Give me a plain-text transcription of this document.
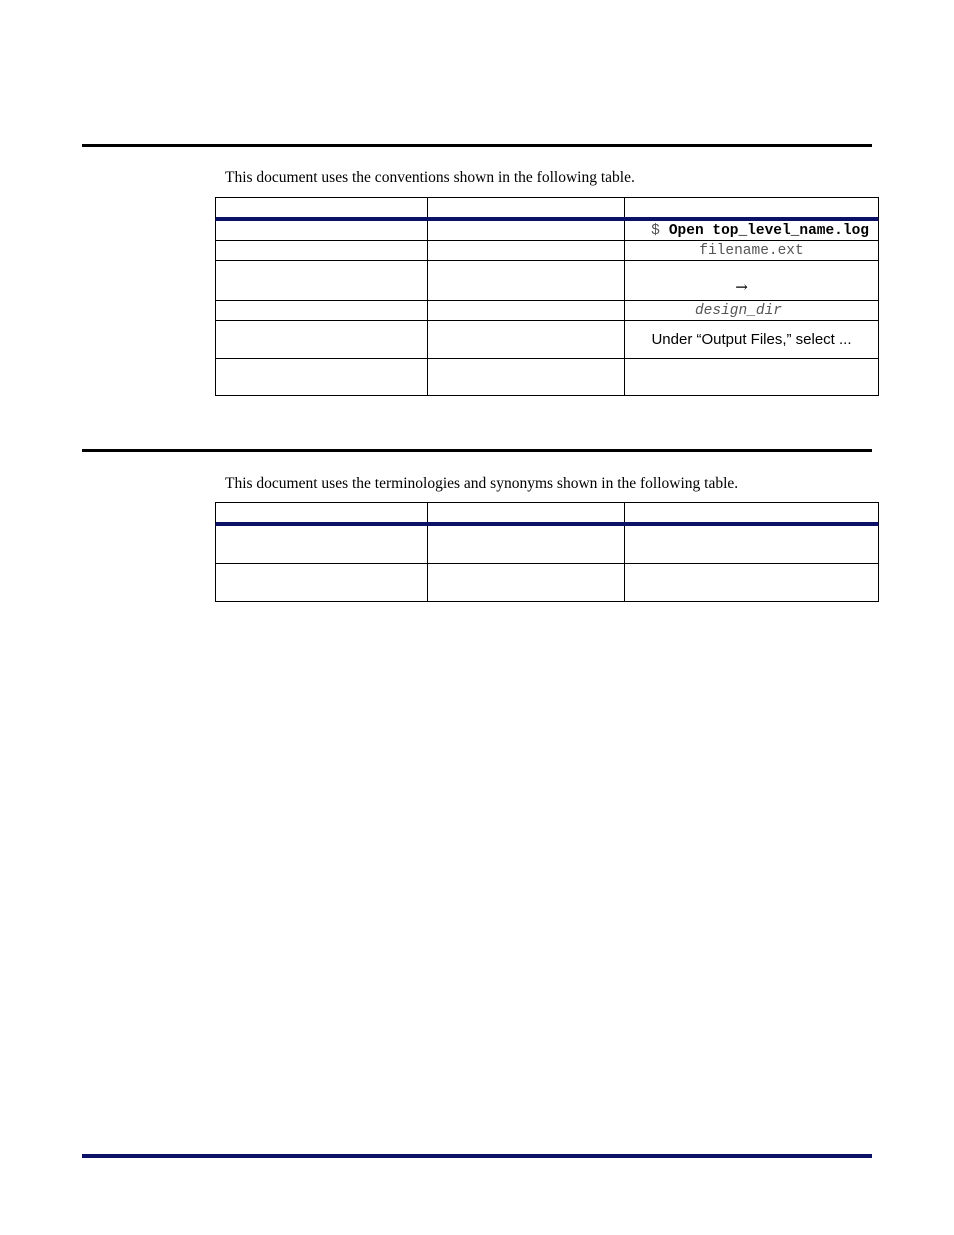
This document uses the conventions shown in the following table.
$ Open top_level_name.log
filename.ext
→
design_dir
Under “Output Files,” select ...
This document uses the terminologies and synonyms shown in the following table.
